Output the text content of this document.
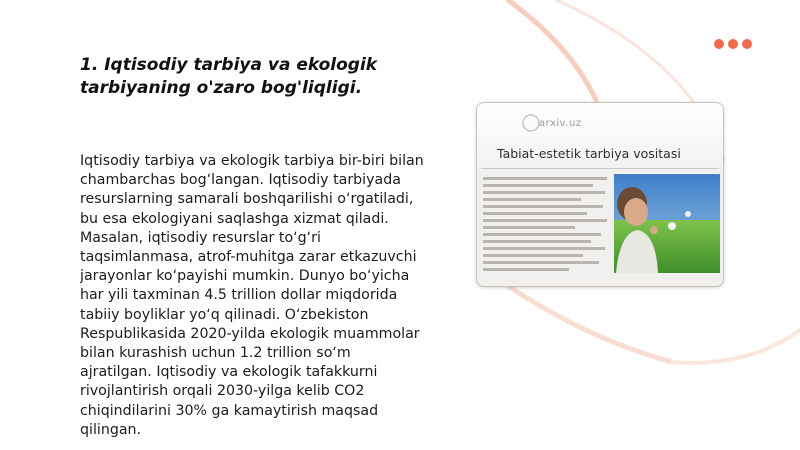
1. Iqtisodiy tarbiya va ekologik tarbiyaning o'zaro bog'liqligi.
Iqtisodiy tarbiya va ekologik tarbiya bir-biri bilan chambarchas bog‘langan. Iqtisodiy tarbiyada resurslarning samarali boshqarilishi o‘rgatiladi, bu esa ekologiyani saqlashga xizmat qiladi. Masalan, iqtisodiy resurslar to‘g‘ri taqsimlanmasa, atrof-muhitga zarar etkazuvchi jarayonlar ko‘payishi mumkin. Dunyo bo‘yicha har yili taxminan 4.5 trillion dollar miqdorida tabiiy boyliklar yo‘q qilinadi. O‘zbekiston Respublikasida 2020-yilda ekologik muammolar bilan kurashish uchun 1.2 trillion so‘m ajratilgan. Iqtisodiy va ekologik tafakkurni rivojlantirish orqali 2030-yilga kelib CO2 chiqindilarini 30% ga kamaytirish maqsad qilingan.
arxiv.uz
Tabiat-estetik tarbiya vositasi
